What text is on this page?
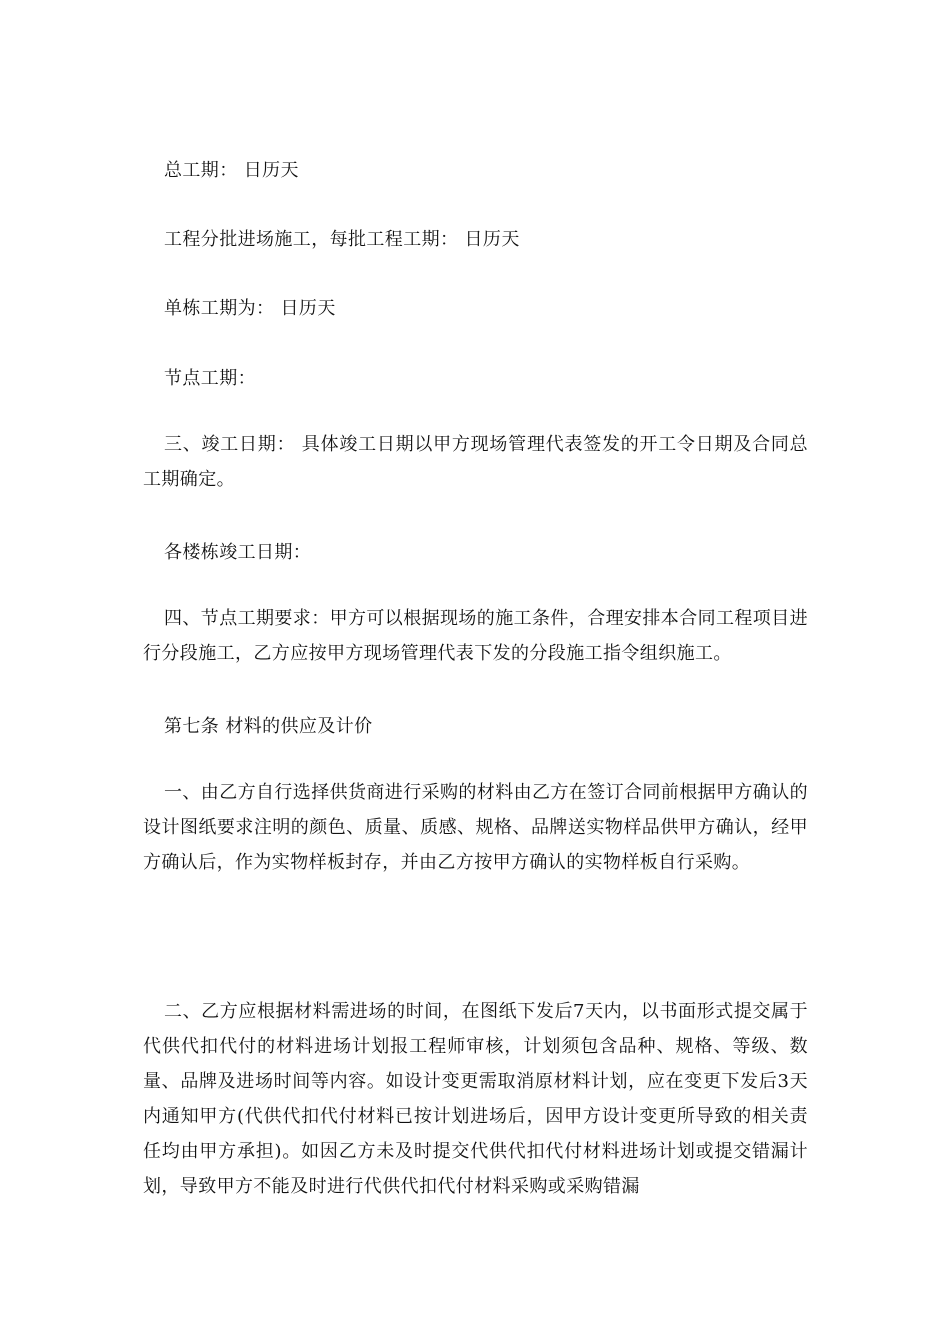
总工期： 日历天
工程分批进场施工，每批工程工期： 日历天
单栋工期为： 日历天
节点工期：
三、竣工日期： 具体竣工日期以甲方现场管理代表签发的开工令日期及合同总工期确定。
各楼栋竣工日期：
四、节点工期要求：甲方可以根据现场的施工条件，合理安排本合同工程项目进行分段施工，乙方应按甲方现场管理代表下发的分段施工指令组织施工。
第七条 材料的供应及计价
一、由乙方自行选择供货商进行采购的材料由乙方在签订合同前根据甲方确认的设计图纸要求注明的颜色、质量、质感、规格、品牌送实物样品供甲方确认，经甲方确认后，作为实物样板封存，并由乙方按甲方确认的实物样板自行采购。
二、乙方应根据材料需进场的时间，在图纸下发后7天内，以书面形式提交属于代供代扣代付的材料进场计划报工程师审核，计划须包含品种、规格、等级、数量、品牌及进场时间等内容。如设计变更需取消原材料计划，应在变更下发后3天内通知甲方(代供代扣代付材料已按计划进场后，因甲方设计变更所导致的相关责任均由甲方承担)。如因乙方未及时提交代供代扣代付材料进场计划或提交错漏计划，导致甲方不能及时进行代供代扣代付材料采购或采购错漏
